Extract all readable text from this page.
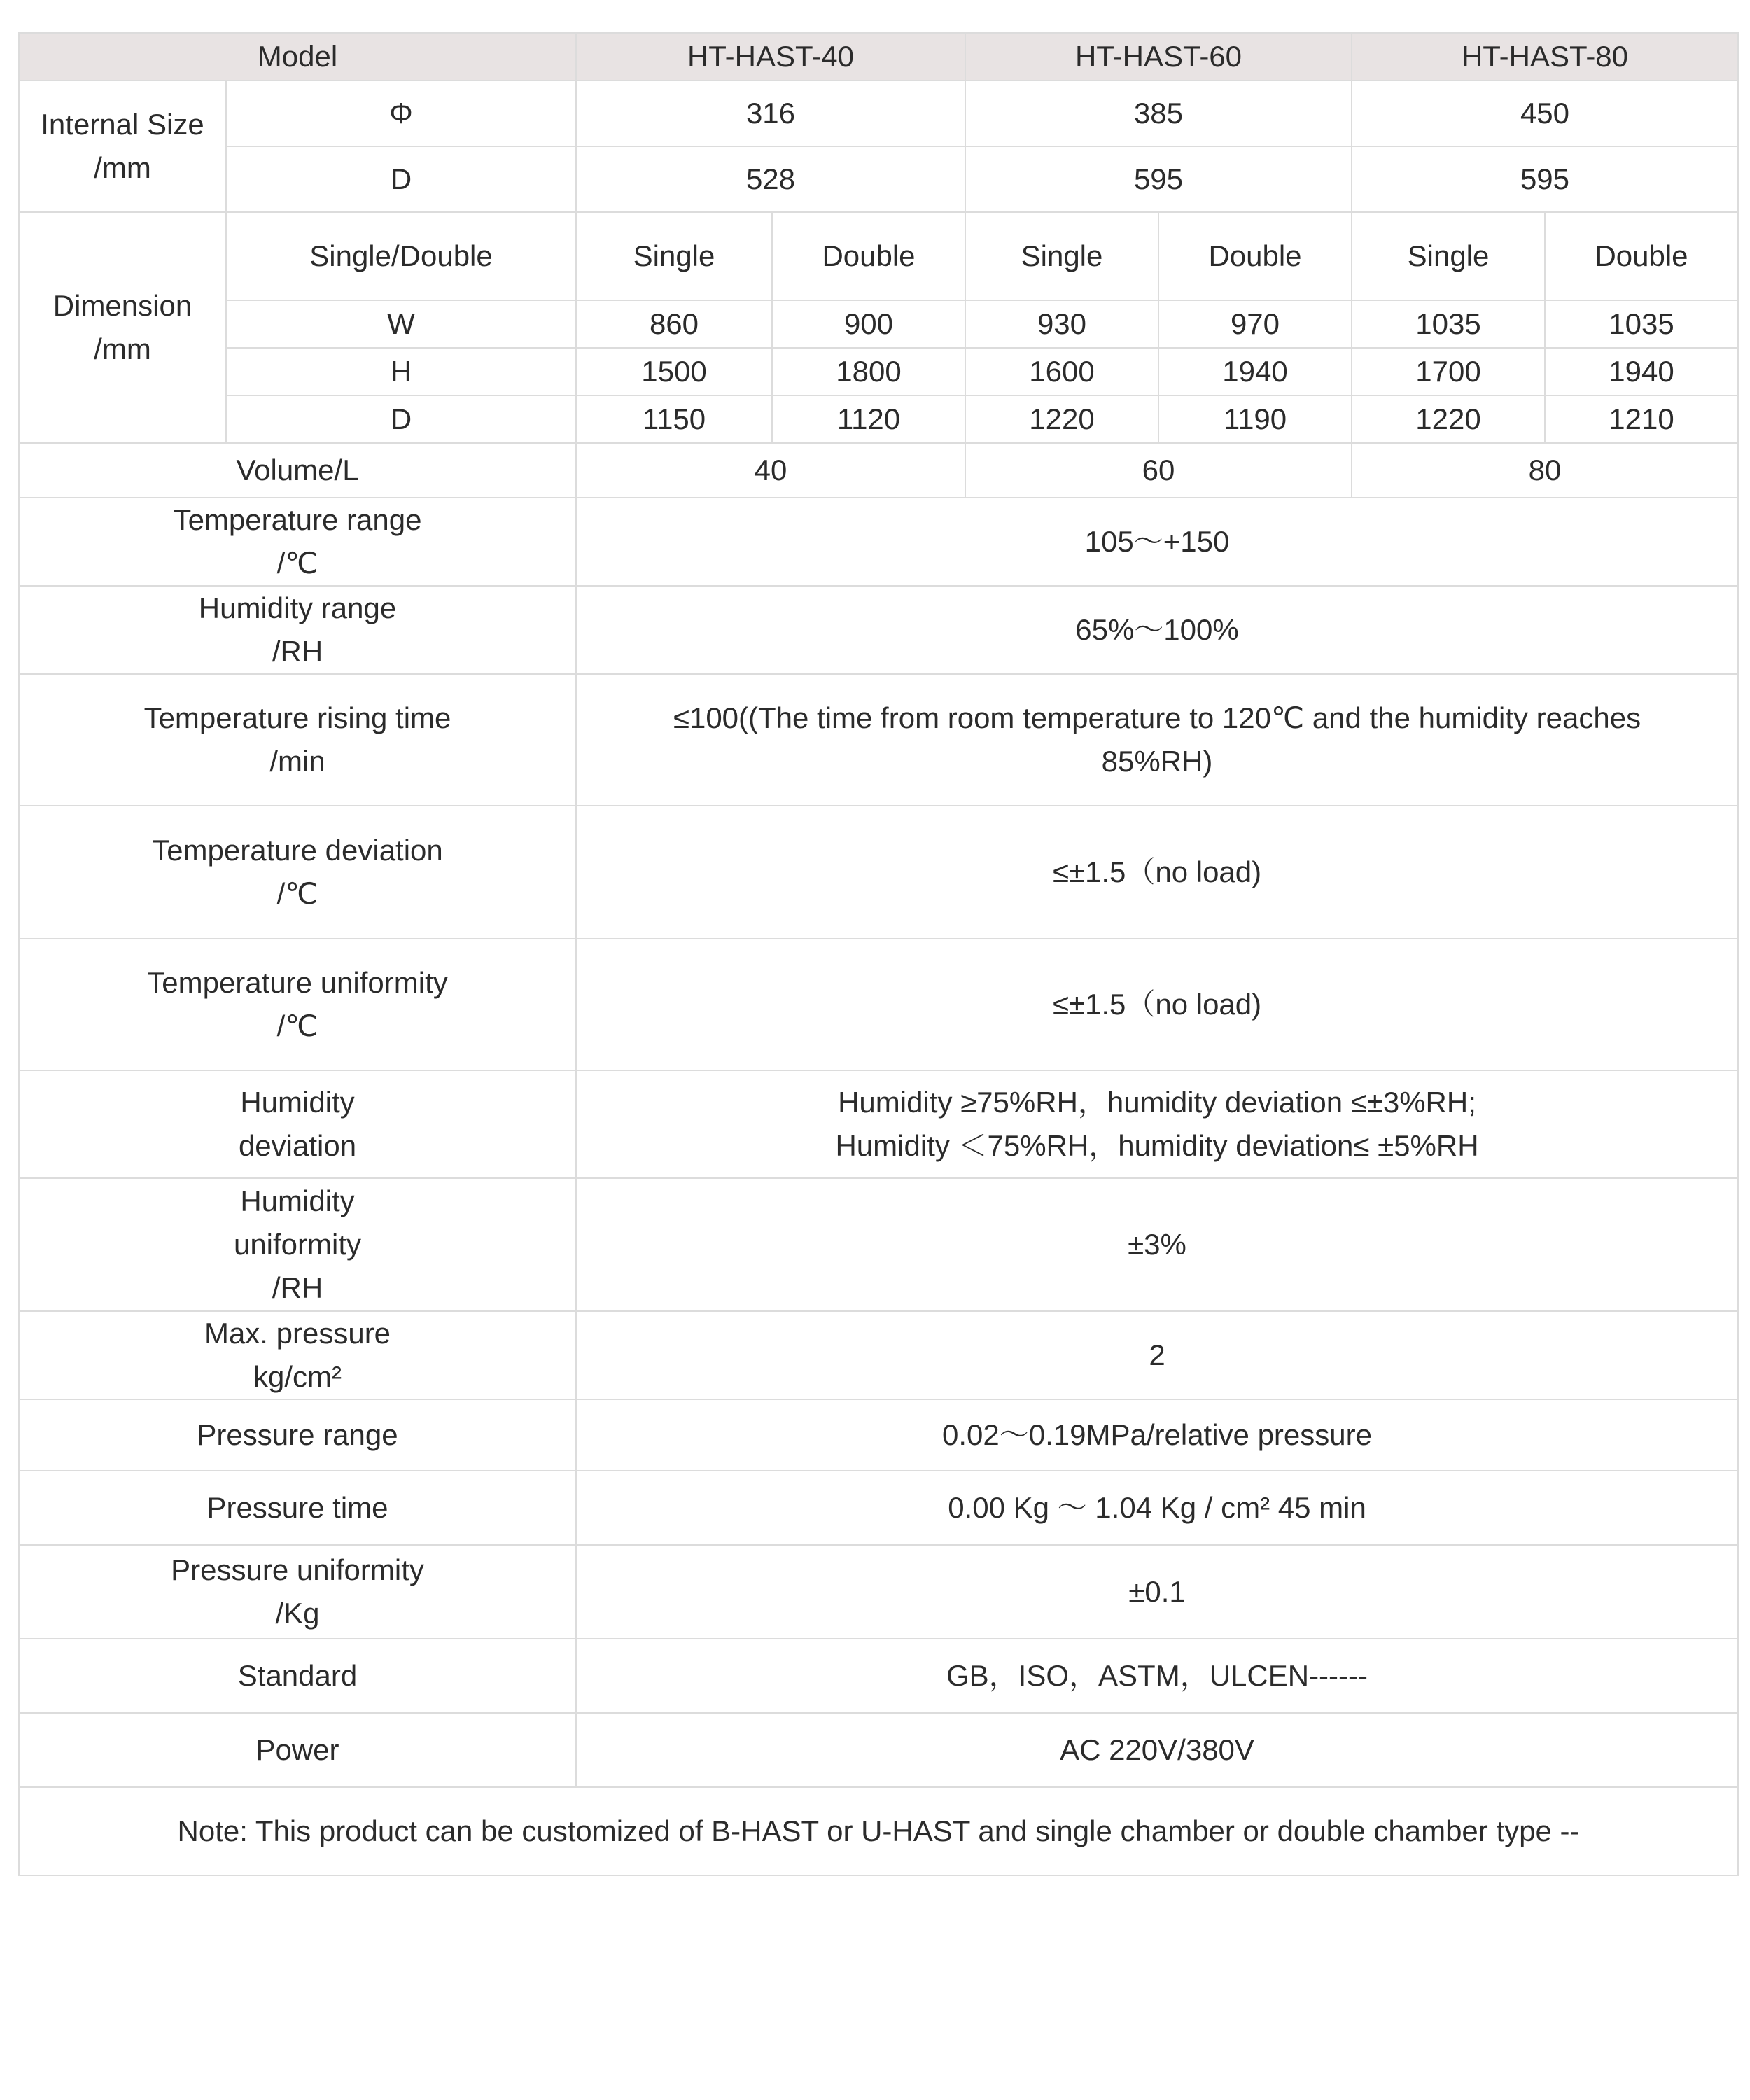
Model		HT-HAST-40		HT-HAST-60		HT-HAST-80	

Internal Size
/mm	Φ	316		385		450	
	D	528		595		595	

Dimension
/mm	Single/Double	Single	Double	Single	Double	Single	Double
	W	860	900	930	970	1035	1035
	H	1500	1800	1600	1940	1700	1940
	D	1150	1120	1220	1190	1220	1210
Volume/L		40		60		80	

Temperature range
/℃		105～+150					

Humidity range
/RH		65%～100%					

Temperature rising time
/min		≤100((The time from room temperature to 120℃ and the humidity reaches
85%RH)					

Temperature deviation
/℃		≤±1.5（no load)					

Temperature uniformity
/℃		≤±1.5（no load)					

Humidity
deviation		Humidity ≥75%RH，humidity deviation ≤±3%RH;
Humidity ＜75%RH，humidity deviation≤ ±5%RH					

Humidity
uniformity
/RH		±3%					

Max. pressure
kg/cm²		2					
Pressure range		0.02～0.19MPa/relative pressure					
Pressure time		0.00 Kg ～ 1.04 Kg / cm² 45 min					

Pressure uniformity
/Kg		±0.1					
Standard		GB，ISO，ASTM，ULCEN------					
Power		AC 220V/380V					
Note: This product can be customized of B-HAST or U-HAST and single chamber or double chamber type --							
